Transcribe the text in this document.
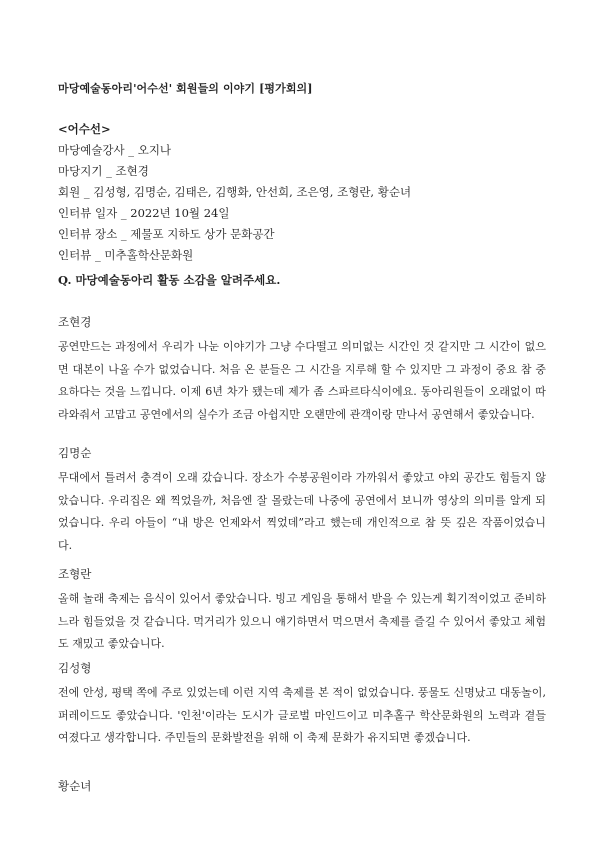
마당예술동아리'어수선' 회원들의 이야기 [평가회의]
<어수선>
마당예술강사 _ 오지나
마당지기 _ 조현경
회원 _ 김성형, 김명순, 김태은, 김행화, 안선희, 조은영, 조형란, 황순녀
인터뷰 일자 _ 2022년 10월 24일
인터뷰 장소 _ 제물포 지하도 상가 문화공간
인터뷰 _ 미추홀학산문화원
Q. 마당예술동아리 활동 소감을 알려주세요.
조현경
공연만드는 과정에서 우리가 나눈 이야기가 그냥 수다떨고 의미없는 시간인 것 같지만 그 시간이 없으면 대본이 나올 수가 없었습니다. 처음 온 분들은 그 시간을 지루해 할 수 있지만 그 과정이 중요 참 중요하다는 것을 느낍니다. 이제 6년 차가 됐는데 제가 좀 스파르타식이에요. 동아리원들이 오래없이 따라와줘서 고맙고 공연에서의 실수가 조금 아쉽지만 오랜만에 관객이랑 만나서 공연해서 좋았습니다.
김명순
무대에서 틀려서 충격이 오래 갔습니다. 장소가 수봉공원이라 가까워서 좋았고 야외 공간도 힘들지 않았습니다. 우리집은 왜 찍었을까, 처음엔 잘 몰랐는데 나중에 공연에서 보니까 영상의 의미를 알게 되었습니다. 우리 아들이 “내 방은 언제와서 찍었데”라고 했는데 개인적으로 참 뜻 깊은 작품이었습니다.
조형란
올해 놀래 축제는 음식이 있어서 좋았습니다. 빙고 게임을 통해서 받을 수 있는게 획기적이었고 준비하느라 힘들었을 것 같습니다. 먹거리가 있으니 얘기하면서 먹으면서 축제를 즐길 수 있어서 좋았고 체험도 재밌고 좋았습니다.
김성형
전에 안성, 평택 쪽에 주로 있었는데 이런 지역 축제를 본 적이 없었습니다. 풍물도 신명났고 대동놀이, 퍼레이드도 좋았습니다. '인천'이라는 도시가 글로벌 마인드이고 미추홀구 학산문화원의 노력과 곁들여졌다고 생각합니다. 주민들의 문화발전을 위해 이 축제 문화가 유지되면 좋겠습니다.
황순녀
